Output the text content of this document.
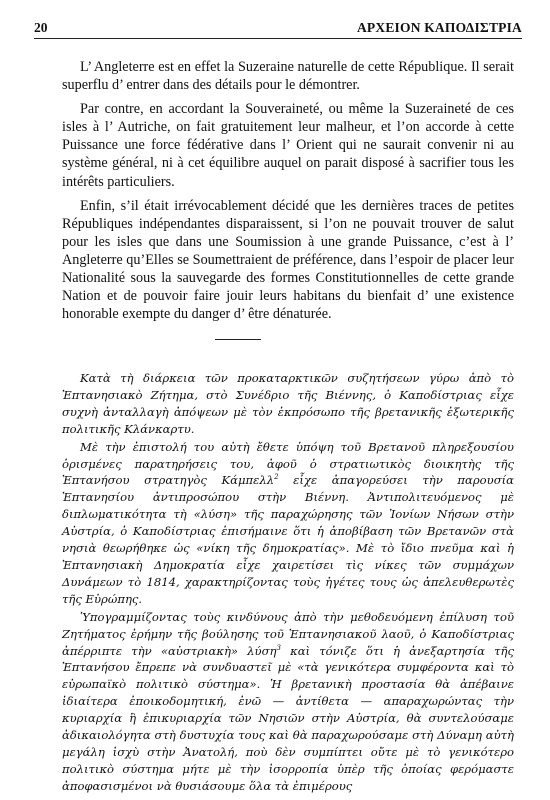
20	ΑΡΧΕΙΟΝ ΚΑΠΟΔΙΣΤΡΙΑ

L’ Angleterre est en effet la Suzeraine naturelle de cette République. Il serait superflu d’ entrer dans des détails pour le démontrer.

Par contre, en accordant la Souveraineté, ou même la Suzeraineté de ces isles à l’ Autriche, on fait gratuitement leur malheur, et l’on accorde à cette Puissance une force fédérative dans l’ Orient qui ne saurait convenir ni au système général, ni à cet équilibre auquel on parait disposé à sacrifier tous les intérêts particuliers.

Enfin, s’il était irrévocablement décidé que les dernières traces de petites Républiques indépendantes disparaissent, si l’on ne pouvait trouver de salut pour les isles que dans une Soumission à une grande Puissance, c’est à l’ Angleterre qu’Elles se Soumettraient de préférence, dans l’espoir de placer leur Nationalité sous la sauvegarde des formes Constitutionnelles de cette grande Nation et de pouvoir faire jouir leurs habitans du bienfait d’ une existence honorable exempte du danger d’ être dénaturée.

Κατὰ τὴ διάρκεια τῶν προκαταρκτικῶν συζητήσεων γύρω ἀπὸ τὸ Ἑπτανησιακὸ Ζήτημα, στὸ Συνέδριο τῆς Βιέννης, ὁ Καποδίστριας εἶχε συχνὴ ἀνταλλαγὴ ἀπόψεων μὲ τὸν ἐκπρόσωπο τῆς βρετανικῆς ἐξωτερικῆς πολιτικῆς Κλάνκαρτυ.

Μὲ τὴν ἐπιστολή του αὐτὴ ἔθετε ὑπόψη τοῦ Βρετανοῦ πληρεξουσίου ὁρισμένες παρατηρήσεις του, ἀφοῦ ὁ στρατιωτικὸς διοικητὴς τῆς Ἑπτανήσου στρατηγὸς Κάμπελλ$^2$ εἶχε ἀπαγορεύσει τὴν παρουσία Ἑπτανησίου ἀντιπροσώπου στὴν Βιέννη. Ἀντιπολιτευόμενος μὲ διπλωματικότητα τὴ «λύση» τῆς παραχώρησης τῶν Ἰονίων Νήσων στὴν Αὐστρία, ὁ Καποδίστριας ἐπισήμαινε ὅτι ἡ ἀποβίβαση τῶν Βρετανῶν στὰ νησιὰ θεωρήθηκε ὡς «νίκη τῆς δημοκρατίας». Μὲ τὸ ἴδιο πνεῦμα καὶ ἡ Ἑπτανησιακὴ Δημοκρατία εἶχε χαιρετίσει τὶς νίκες τῶν συμμάχων Δυνάμεων τὸ 1814, χαρακτηρίζοντας τοὺς ἡγέτες τους ὡς ἀπελευθερωτὲς τῆς Εὐρώπης.

Ὑπογραμμίζοντας τοὺς κινδύνους ἀπὸ τὴν μεθοδευόμενη ἐπίλυση τοῦ Ζητήματος ἐρήμην τῆς βούλησης τοῦ Ἑπτανησιακοῦ λαοῦ, ὁ Καποδίστριας ἀπέρριπτε τὴν «αὐστριακὴ» λύση$^3$ καὶ τόνιζε ὅτι ἡ ἀνεξαρτησία τῆς Ἑπτανήσου ἔπρεπε νὰ συνδυαστεῖ μὲ «τὰ γενικότερα συμφέροντα καὶ τὸ εὐρωπαϊκὸ πολιτικὸ σύστημα». Ἡ βρετανικὴ προστασία θὰ ἀπέβαινε ἰδιαίτερα ἐποικοδομητική, ἐνῶ — ἀντίθετα — απαραχωρώντας τὴν κυριαρχία ἢ ἐπικυριαρχία τῶν Νησιῶν στὴν Αὐστρία, θὰ συντελούσαμε ἀδικαιολόγητα στὴ δυστυχία τους καὶ θὰ παραχωρούσαμε στὴ Δύναμη αὐτὴ μεγάλη ἰσχὺ στὴν Ἀνατολή, ποὺ δὲν συμπίπτει οὔτε μὲ τὸ γενικότερο πολιτικὸ σύστημα μήτε μὲ τὴν ἰσορροπία ὑπὲρ τῆς ὁποίας φερόμαστε ἀποφασισμένοι νὰ θυσιάσουμε ὅλα τὰ ἐπιμέρους
